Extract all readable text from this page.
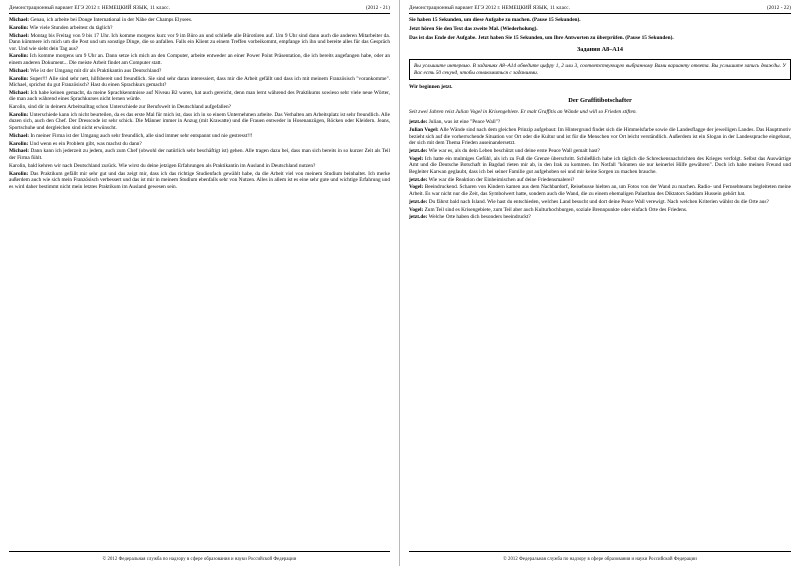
Демонстрационный вариант ЕГЭ 2012 г. НЕМЕЦКИЙ ЯЗЫК, 11 класс.	(2012 - 21)

Michael: Genau, ich arbeite bei Douge International in der Nähe der Champs Elysees.

Karolin: Wie viele Stunden arbeitest du täglich?

Michael: Montag bis Freitag von 9 bis 17 Uhr. Ich komme morgens kurz vor 9 im Büro an und schließe alle Bürotüren auf. Um 9 Uhr sind dann auch die anderen Mitarbeiter da. Dann kümmere ich mich um die Post und um sonstige Dinge, die so anfallen. Falls ein Klient zu einem Treffen vorbeikommt, empfange ich ihn und bereite alles für das Gespräch vor. Und wie sieht dein Tag aus?

Karolin: Ich komme morgens um 9 Uhr an. Dann setze ich mich an den Computer, arbeite entweder an einer Power Point Präsentation, die ich bereits angefangen habe, oder an einem anderen Dokument... Die meiste Arbeit findet am Computer statt.

Michael: Wie ist der Umgang mit dir als Praktikantin aus Deutschland?

Karolin: Super!!! Alle sind sehr nett, hilfsbereit und freundlich. Sie sind sehr daran interessiert, dass mir die Arbeit gefällt und dass ich mit meinem Französisch "vorankomme". Michael, sprichst du gut Französisch? Hast du einen Sprachkurs gemacht?

Michael: Ich habe keinen gemacht, da meine Sprachkenntnisse auf Niveau B2 waren, hat auch gereicht, denn man lernt während des Praktikums sowieso sehr viele neue Wörter, die man auch während eines Sprachkurses nicht lernen würde.

Karolin, sind dir in deinem Arbeitsalltag schon Unterschiede zur Berufswelt in Deutschland aufgefallen?

Karolin: Unterschiede kann ich nicht beurteilen, da es das erste Mal für mich ist, dass ich in so einem Unternehmen arbeite. Das Verhalten am Arbeitsplatz ist sehr freundlich. Alle duzen sich, auch den Chef. Der Dresscode ist sehr schick. Die Männer immer in Anzug (mit Krawatte) und die Frauen entweder in Hosenanzügen, Röcken oder Kleidern. Jeans, Sportschuhe und dergleichen sind nicht erwünscht.

Michael: In meiner Firma ist der Umgang auch sehr freundlich, alle sind immer sehr entspannt und nie gestresst!!!

Karolin: Und wenn es ein Problem gibt, was machst du dann?

Michael: Dann kann ich jederzeit zu jedem, auch zum Chef (obwohl der natürlich sehr beschäftigt ist) gehen. Alle tragen dazu bei, dass man sich bereits in so kurzer Zeit als Teil der Firma fühlt.

Karolin, bald kehren wir nach Deutschland zurück. Wie wirst du deine jetzigen Erfahrungen als Praktikantin im Ausland in Deutschland nutzen?

Karolin: Das Praktikum gefällt mir sehr gut und das zeigt mir, dass ich das richtige Studienfach gewählt habe, da die Arbeit viel von meinem Studium beinhaltet. Ich merke außerdem auch wie sich mein Französisch verbessert und das ist mir in meinem Studium ebenfalls sehr von Nutzen. Alles in allem ist es eine sehr gute und wichtige Erfahrung und es wird daher bestimmt nicht mein letztes Praktikum im Ausland gewesen sein.

© 2012 Федеральная служба по надзору в сфере образования и науки Российской Федерации
Демонстрационный вариант ЕГЭ 2012 г. НЕМЕЦКИЙ ЯЗЫК, 11 класс.	(2012 - 22)

Sie haben 15 Sekunden, um diese Aufgabe zu machen. (Pause 15 Sekunden).

Jetzt hören Sie den Text das zweite Mal. (Wiederholung).

Das ist das Ende der Aufgabe. Jetzt haben Sie 15 Sekunden, um Ihre Antworten zu überprüfen. (Pause 15 Sekunden).

Задания A8–A14
Вы услышите интервью. В заданиях A8–A14 обведите цифру 1, 2 или 3, соответствующую выбранному Вами варианту ответа. Вы услышите запись дважды. У Вас есть 50 секунд, чтобы ознакомиться с заданиями.

Wir beginnen jetzt.

Der Graffitibotschafter

Seit zwei Jahren reist Julian Vogel in Krisengebiete. Er malt Graffitis an Wände und will so Frieden stiften.

jetzt.de: Julian, was ist eine "Peace Wall"?

Julian Vogel: Alle Wände sind nach dem gleichen Prinzip aufgebaut: Im Hintergrund findet sich die Himmelsfarbe sowie die Landesflagge der jeweiligen Landes. Das Hauptmotiv bezieht sich auf die vorherrschende Situation vor Ort oder die Kultur und ist für die Menschen vor Ort leicht verständlich. Außerdem ist ein Slogan in der Landessprache eingebaut, der sich mit dem Thema Frieden auseinandersetzt.

jetzt.de: Wie war es, als du dein Leben beschützt und deine erste Peace Wall gemalt hast?

Vogel: Ich hatte ein mulmiges Gefühl, als ich zu Fuß die Grenze überschritt. Schließlich habe ich täglich die Schreckensnachrichten des Krieges verfolgt. Selbst das Auswärtige Amt und die Deutsche Botschaft in Bagdad rieten mir ab, in den Irak zu kommen. Im Notfall "könnten sie nur keinerlei Hilfe gewähren". Doch ich habe meinen Freund und Begleiter Karwan geglaubt, dass ich bei seiner Familie gut aufgehoben sei und mir keine Sorgen zu machen brauche.

jetzt.de: Wie war die Reaktion der Einheimischen auf deine Friedensmalerei?

Vogel: Beeindruckend. Scharen von Kindern kamen aus dem Nachbardorf, Reisebusse hielten an, um Fotos von der Wand zu machen. Radio- und Fernsehteams begleiteten meine Arbeit. Es war nicht nur die Zeit, das Symbolwert hatte, sondern auch die Wand, die zu einem ehemaligen Palastbau des Diktators Saddam Hussein gehört hat.

jetzt.de: Du fährst bald nach Island. Wie hast du entschieden, welches Land besucht und dort deine Peace Wall verewigt. Nach welchen Kriterien wählst du die Orte aus?

Vogel: Zum Teil sind es Krisengebiete, zum Teil aber auch Kulturhochburgen, soziale Brennpunkte oder einfach Orte des Friedens.

jetzt.de: Welche Orte haben dich besonders beeindruckt?

© 2012 Федеральная служба по надзору в сфере образования и науки Российской Федерации
